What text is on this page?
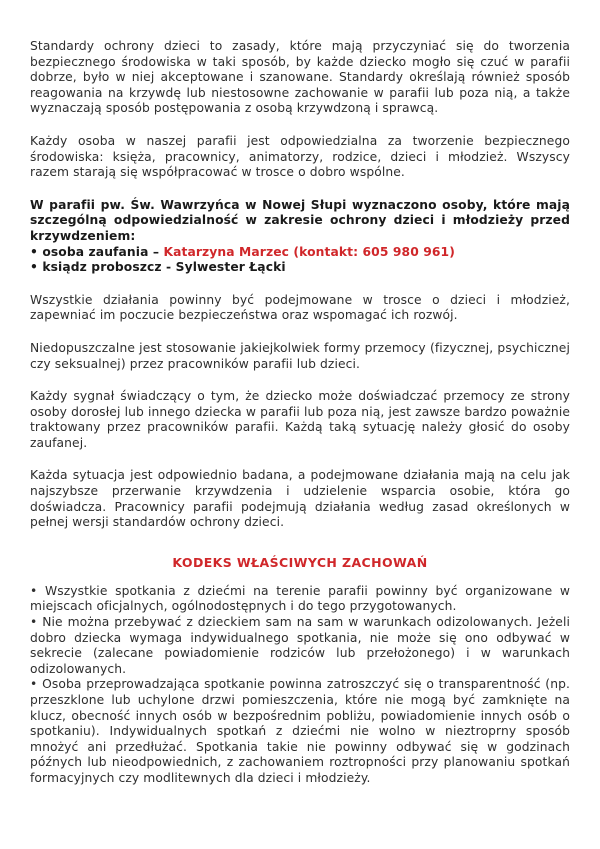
Standardy ochrony dzieci to zasady, które mają przyczyniać się do tworzenia bezpiecznego środowiska w taki sposób, by każde dziecko mogło się czuć w parafii dobrze, było w niej akceptowane i szanowane. Standardy określają również sposób reagowania na krzywdę lub niestosowne zachowanie w parafii lub poza nią, a także wyznaczają sposób postępowania z osobą krzywdzoną i sprawcą.

Każdy osoba w naszej parafii jest odpowiedzialna za tworzenie bezpiecznego środowiska: księża, pracownicy, animatorzy, rodzice, dzieci i młodzież. Wszyscy razem starają się współpracować w trosce o dobro wspólne.

W parafii pw. Św. Wawrzyńca w Nowej Słupi wyznaczono osoby, które mają szczególną odpowiedzialność w zakresie ochrony dzieci i młodzieży przed krzywdzeniem:
• osoba zaufania – Katarzyna Marzec (kontakt: 605 980 961)
• ksiądz proboszcz - Sylwester Łącki

Wszystkie działania powinny być podejmowane w trosce o dzieci i młodzież, zapewniać im poczucie bezpieczeństwa oraz wspomagać ich rozwój.

Niedopuszczalne jest stosowanie jakiejkolwiek formy przemocy (fizycznej, psychicznej czy seksualnej) przez pracowników parafii lub dzieci.

Każdy sygnał świadczący o tym, że dziecko może doświadczać przemocy ze strony osoby dorosłej lub innego dziecka w parafii lub poza nią, jest zawsze bardzo poważnie traktowany przez pracowników parafii. Każdą taką sytuację należy głosić do osoby zaufanej.

Każda sytuacja jest odpowiednio badana, a podejmowane działania mają na celu jak najszybsze przerwanie krzywdzenia i udzielenie wsparcia osobie, która go doświadcza. Pracownicy parafii podejmują działania według zasad określonych w pełnej wersji standardów ochrony dzieci.

KODEKS WŁAŚCIWYCH ZACHOWAŃ
• Wszystkie spotkania z dziećmi na terenie parafii powinny być organizowane w miejscach oficjalnych, ogólnodostępnych i do tego przygotowanych.
• Nie można przebywać z dzieckiem sam na sam w warunkach odizolowanych. Jeżeli dobro dziecka wymaga indywidualnego spotkania, nie może się ono odbywać w sekrecie (zalecane powiadomienie rodziców lub przełożonego) i w warunkach odizolowanych.
• Osoba przeprowadzająca spotkanie powinna zatroszczyć się o transparentność (np. przeszklone lub uchylone drzwi pomieszczenia, które nie mogą być zamknięte na klucz, obecność innych osób w bezpośrednim pobliżu, powiadomienie innych osób o spotkaniu). Indywidualnych spotkań z dziećmi nie wolno w nieztroprny sposób mnożyć ani przedłużać. Spotkania takie nie powinny odbywać się w godzinach późnych lub nieodpowiednich, z zachowaniem roztropności przy planowaniu spotkań formacyjnych czy modlitewnych dla dzieci i młodzieży.
